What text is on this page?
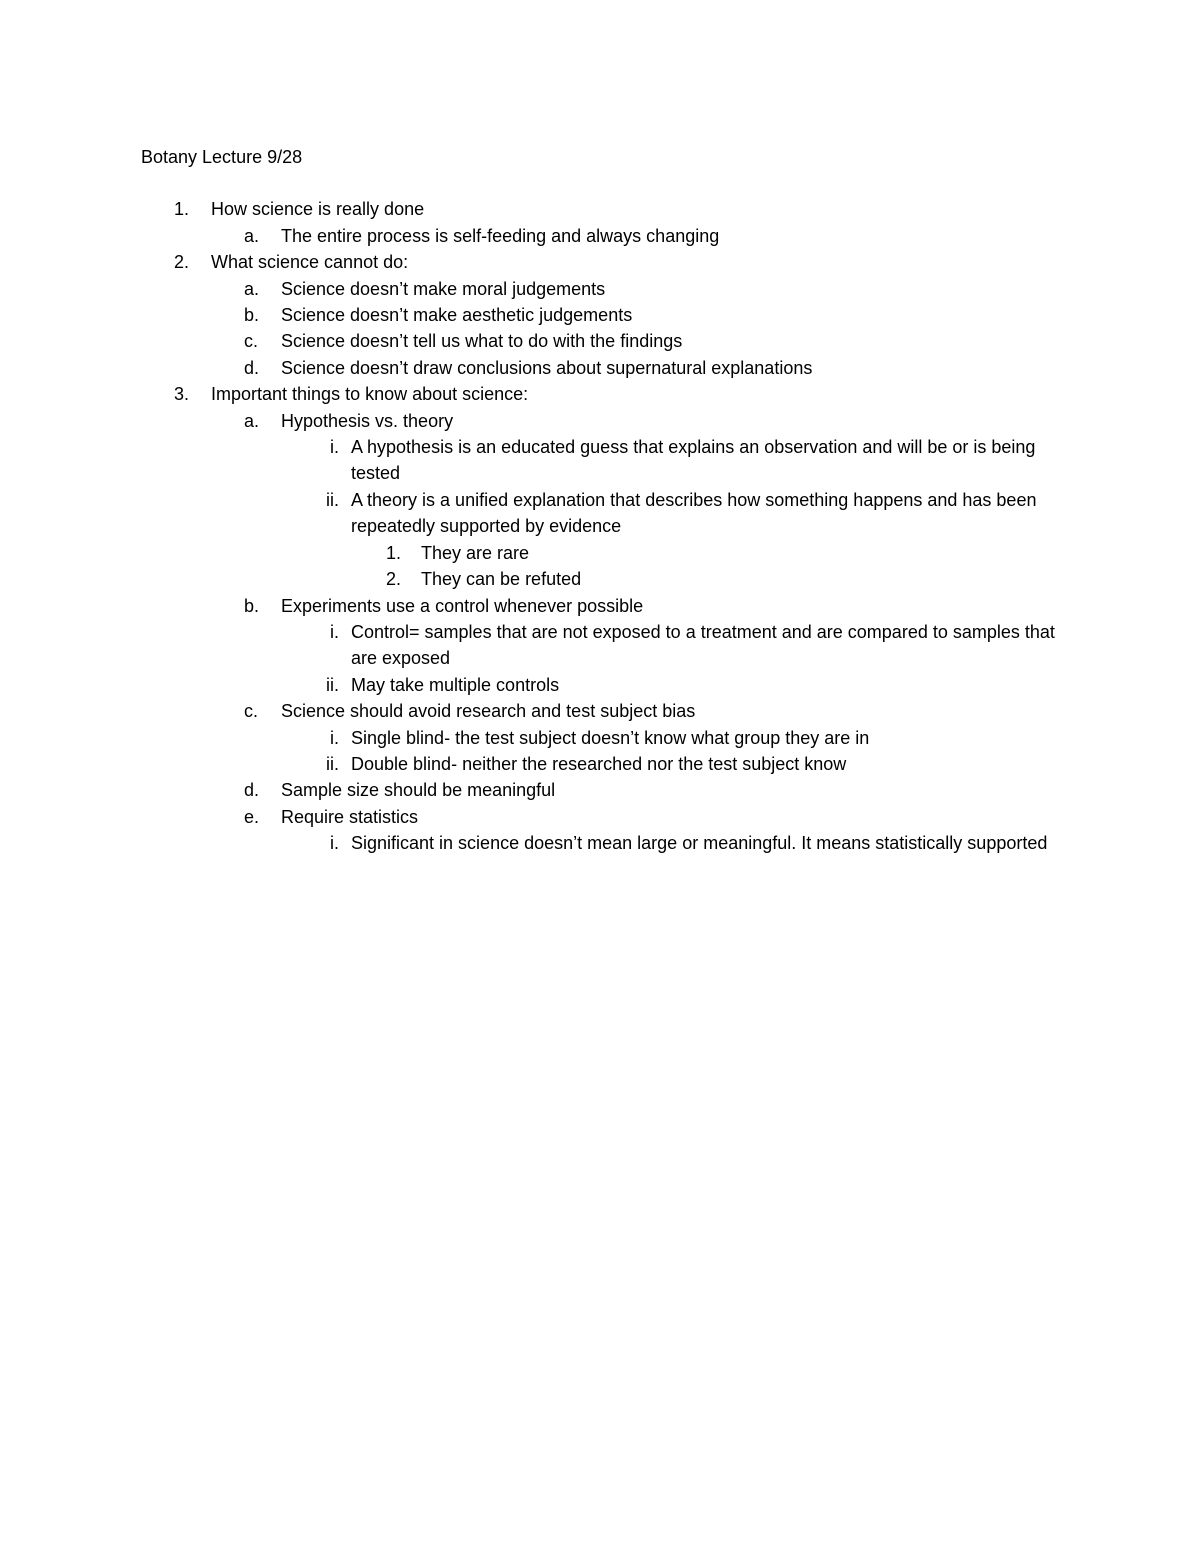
Botany Lecture 9/28
1. How science is really done
a. The entire process is self-feeding and always changing
2. What science cannot do:
a. Science doesn’t make moral judgements
b. Science doesn’t make aesthetic judgements
c. Science doesn’t tell us what to do with the findings
d. Science doesn’t draw conclusions about supernatural explanations
3. Important things to know about science:
a. Hypothesis vs. theory
i. A hypothesis is an educated guess that explains an observation and will be or is being tested
ii. A theory is a unified explanation that describes how something happens and has been repeatedly supported by evidence
1. They are rare
2. They can be refuted
b. Experiments use a control whenever possible
i. Control= samples that are not exposed to a treatment and are compared to samples that are exposed
ii. May take multiple controls
c. Science should avoid research and test subject bias
i. Single blind- the test subject doesn’t know what group they are in
ii. Double blind- neither the researched nor the test subject know
d. Sample size should be meaningful
e. Require statistics
i. Significant in science doesn’t mean large or meaningful. It means statistically supported
